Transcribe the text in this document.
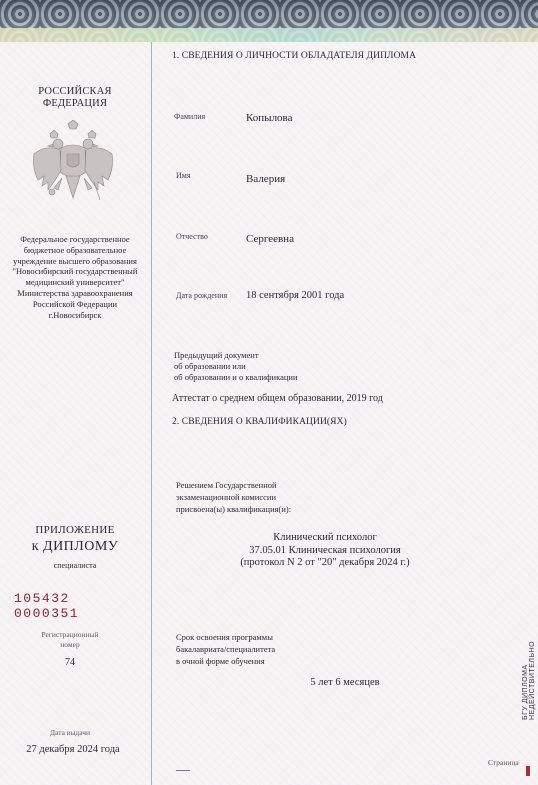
РОССИЙСКАЯ ФЕДЕРАЦИЯ
Федеральное государственное
бюджетное образовательное
учреждение высшего образования
"Новосибирский государственный
медицинский университет"
Министерства здравоохранения
Российской Федерации
г.Новосибирск
ПРИЛОЖЕНИЕ
к ДИПЛОМУ
специалиста
105432 0000351
Регистрационный
номер
74
Дата выдачи
27 декабря 2024 года
1. СВЕДЕНИЯ О ЛИЧНОСТИ ОБЛАДАТЕЛЯ ДИПЛОМА
Фамилия	Копылова
Имя	Валерия
Отчество	Сергеевна
Дата рождения 18 сентября 2001 года
Предыдущий документ
об образовании или
об образовании и о квалификации
Аттестат о среднем общем образовании, 2019 год
2. СВЕДЕНИЯ О КВАЛИФИКАЦИИ(ЯХ)
Решением Государственной
экзаменационной комиссии
присвоена(ы) квалификация(и):
Клинический психолог
37.05.01 Клиническая психология
(протокол N 2 от "20" декабря 2024 г.)
Срок освоения программы
бакалавриата/специалитета
в очной форме обучения
5 лет 6 месяцев
Страница
БГУ ДИПЛОМА НЕДЕЙСТВИТЕЛЬНО
